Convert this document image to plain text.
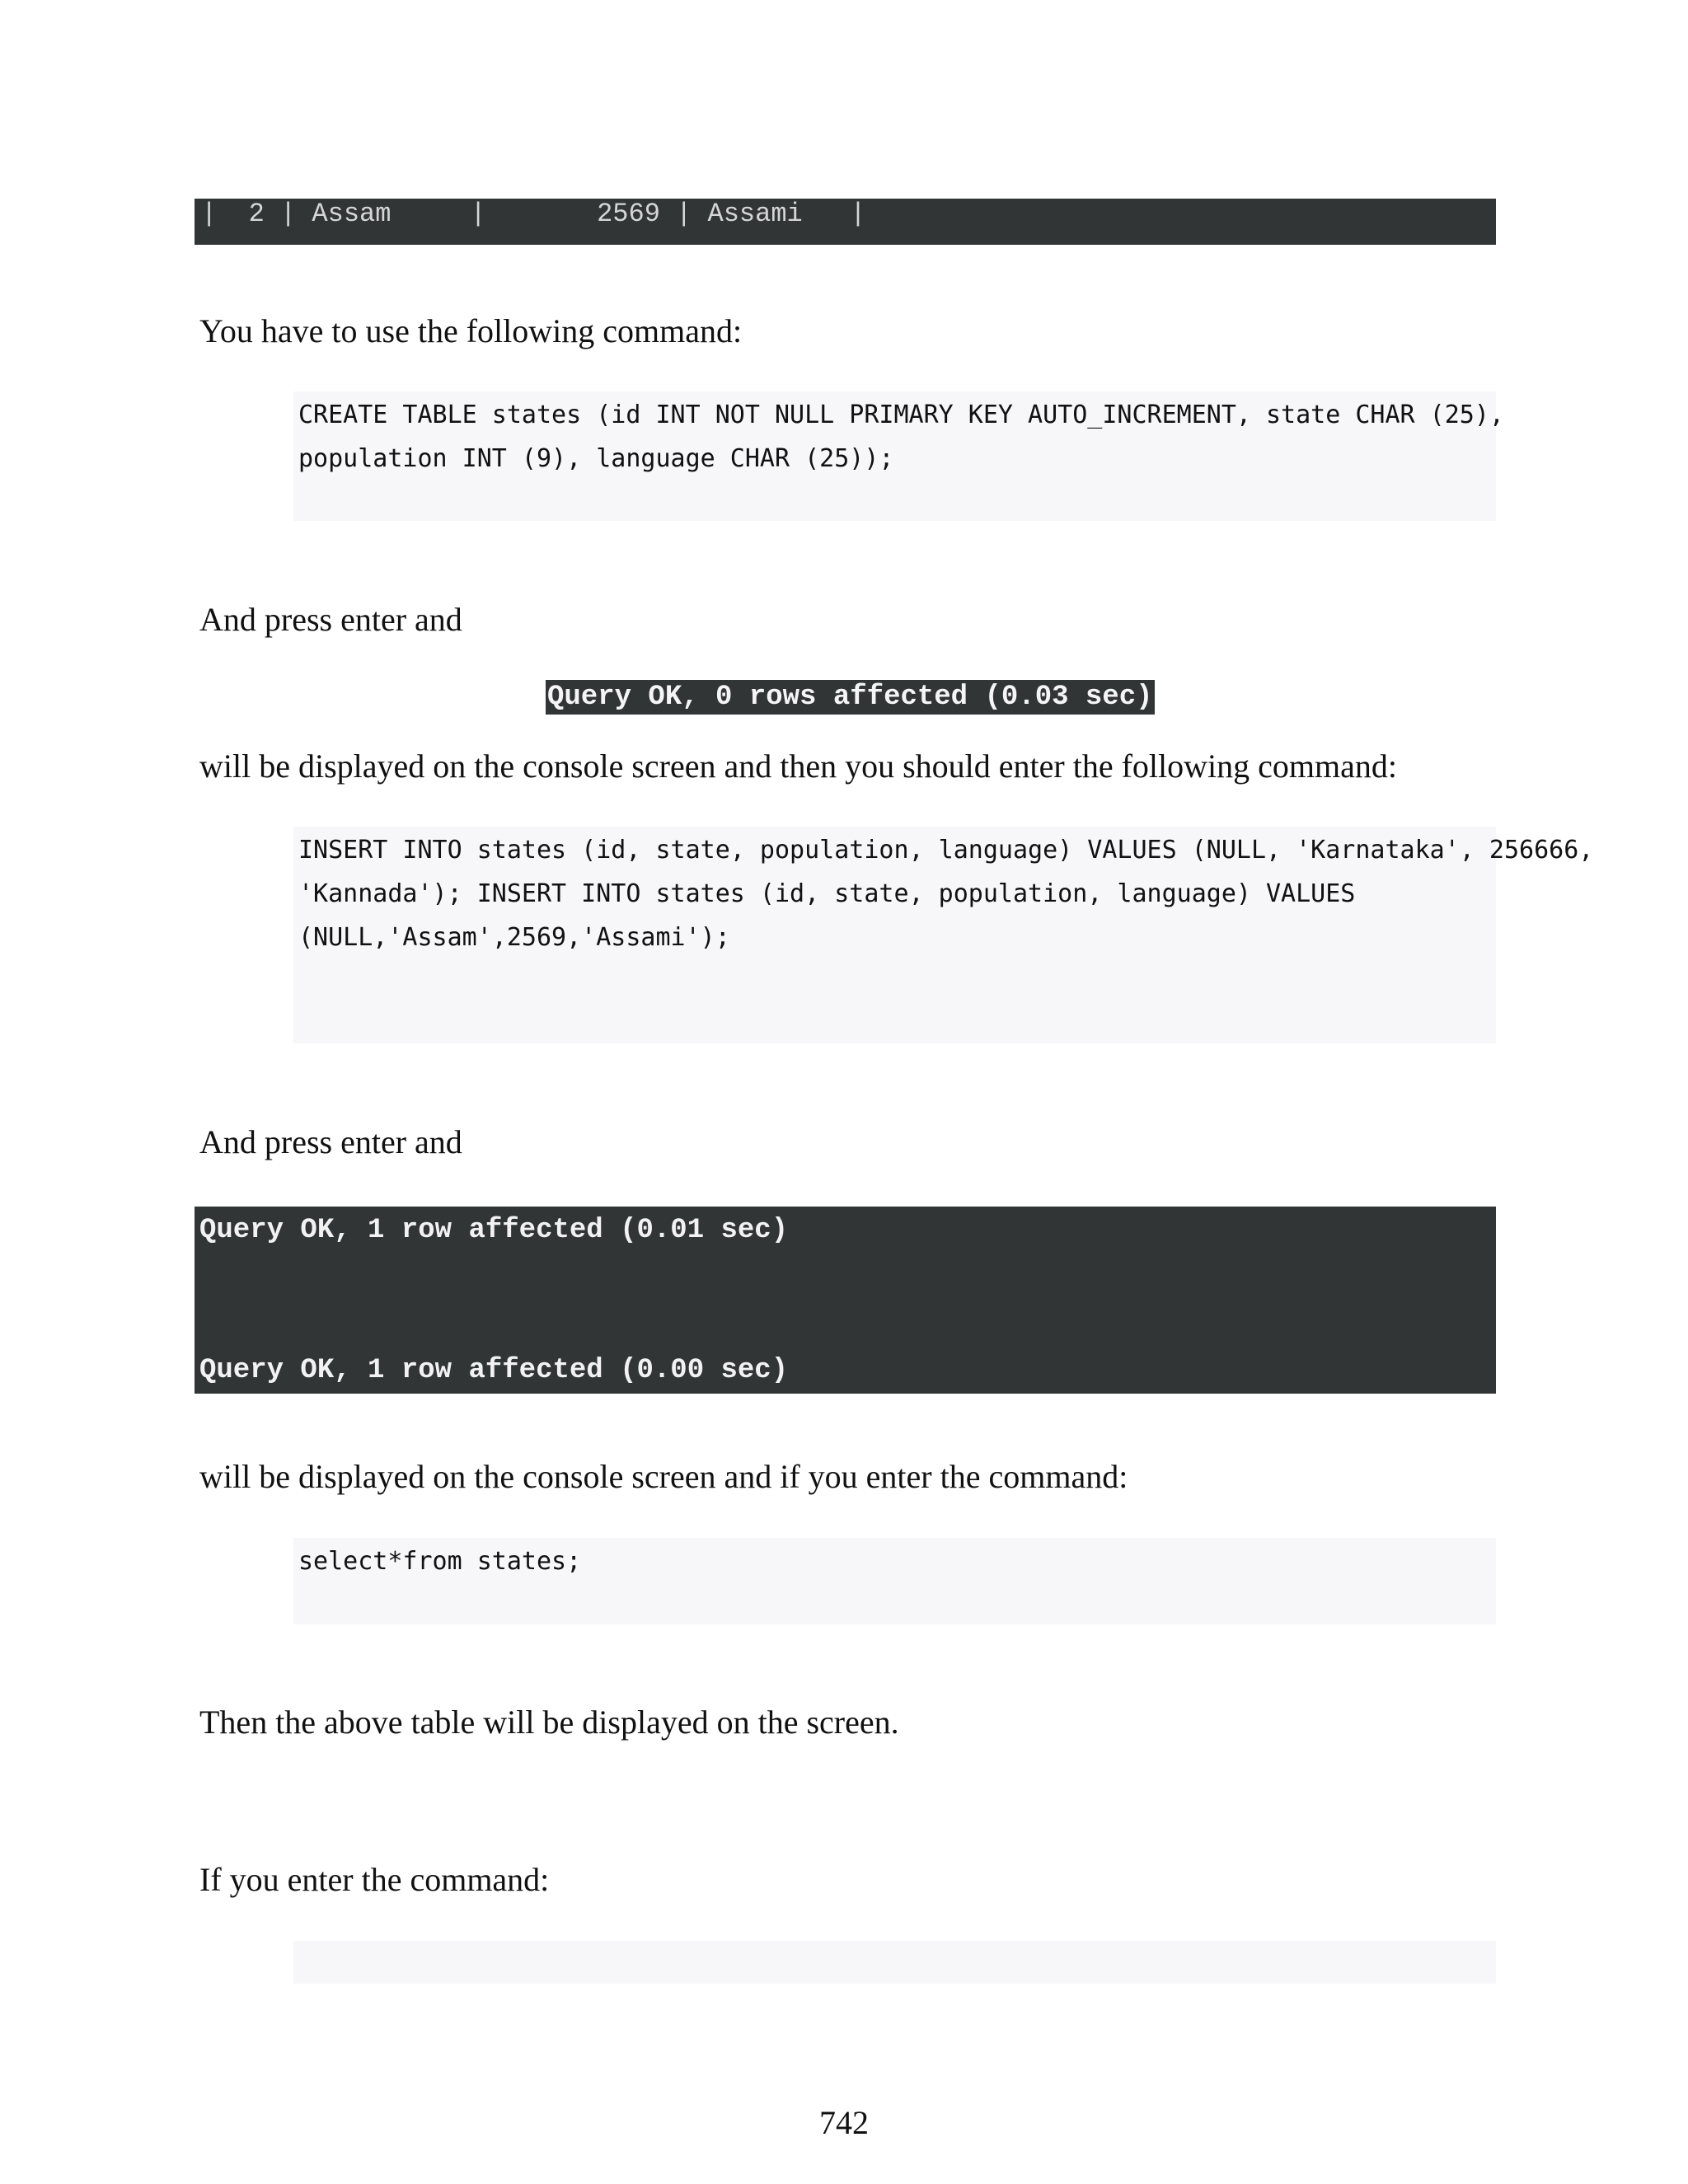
|  2 | Assam     |       2569 | Assami   |

You have to use the following command:

CREATE TABLE states (id INT NOT NULL PRIMARY KEY AUTO_INCREMENT, state CHAR (25),
population INT (9), language CHAR (25));

And press enter and

Query OK, 0 rows affected (0.03 sec)

will be displayed on the console screen and then you should enter the following command:

INSERT INTO states (id, state, population, language) VALUES (NULL, 'Karnataka', 256666,
'Kannada'); INSERT INTO states (id, state, population, language) VALUES
(NULL,'Assam',2569,'Assami');

And press enter and

Query OK, 1 row affected (0.01 sec)

Query OK, 1 row affected (0.00 sec)

will be displayed on the console screen and if you enter the command:

select*from states;

Then the above table will be displayed on the screen.

If you enter the command:

742
